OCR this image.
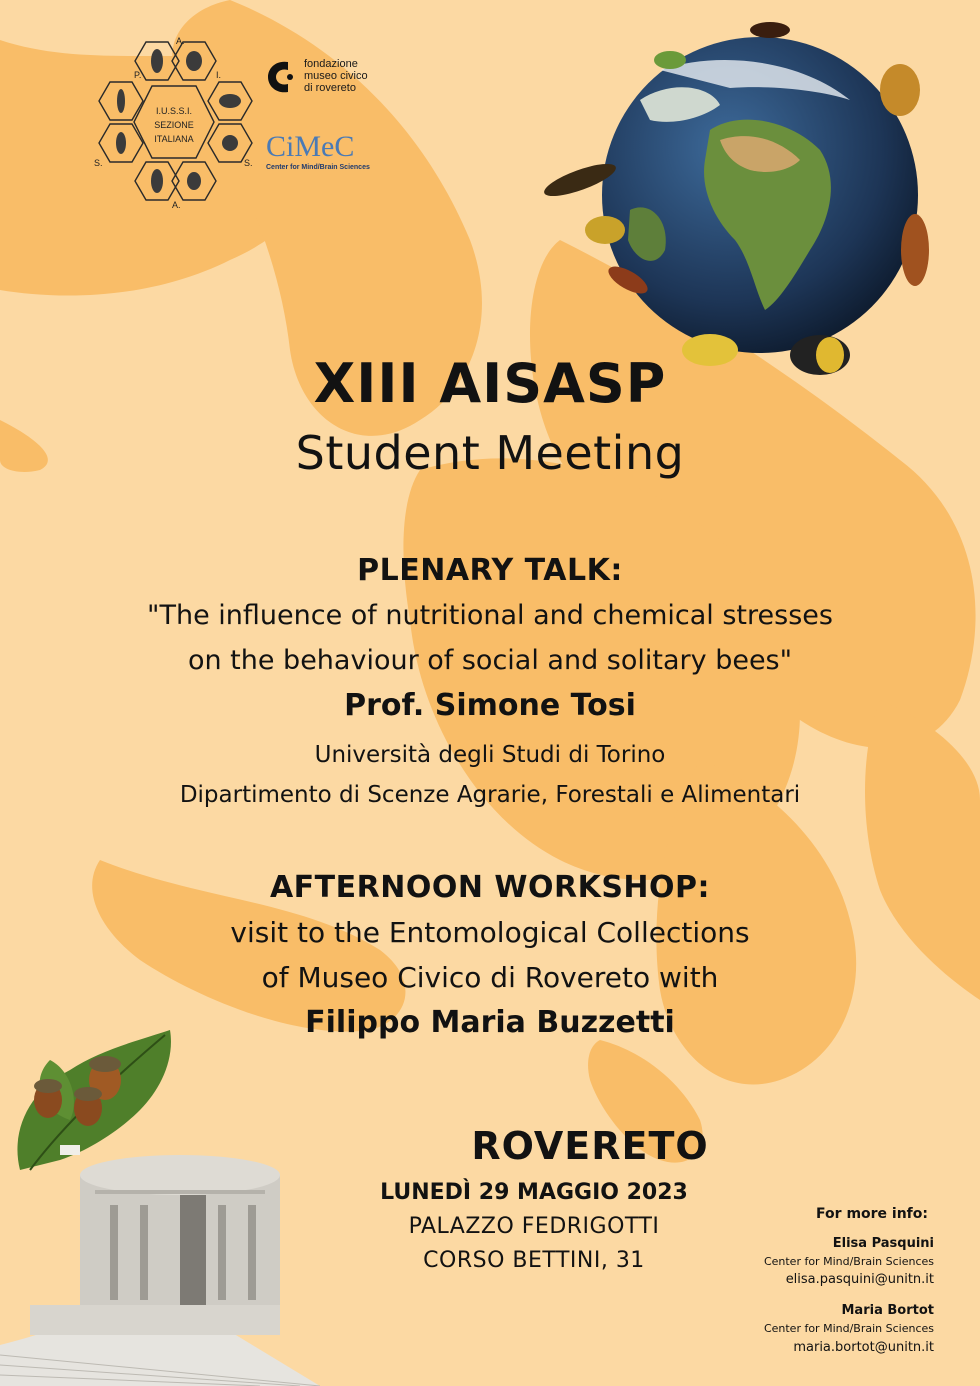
I.U.S.S.I.
SEZIONE
ITALIANA
A.
P.	I.
S.	S.
A.
fondazione
museo civico
di rovereto
CiMeC
Center for Mind/Brain Sciences
XIII AISASP
Student Meeting
PLENARY TALK:
"The influence of nutritional and chemical stresses
on the behaviour of social and solitary bees"
Prof. Simone Tosi
Università degli Studi di Torino
Dipartimento di Scenze Agrarie, Forestali e Alimentari
AFTERNOON WORKSHOP:
visit to the Entomological Collections
of Museo Civico di Rovereto with
Filippo Maria Buzzetti
ROVERETO
LUNEDÌ 29 MAGGIO 2023
PALAZZO FEDRIGOTTI
CORSO BETTINI, 31
For more info:
Elisa Pasquini
Center for Mind/Brain Sciences
elisa.pasquini@unitn.it
Maria Bortot
Center for Mind/Brain Sciences
maria.bortot@unitn.it
